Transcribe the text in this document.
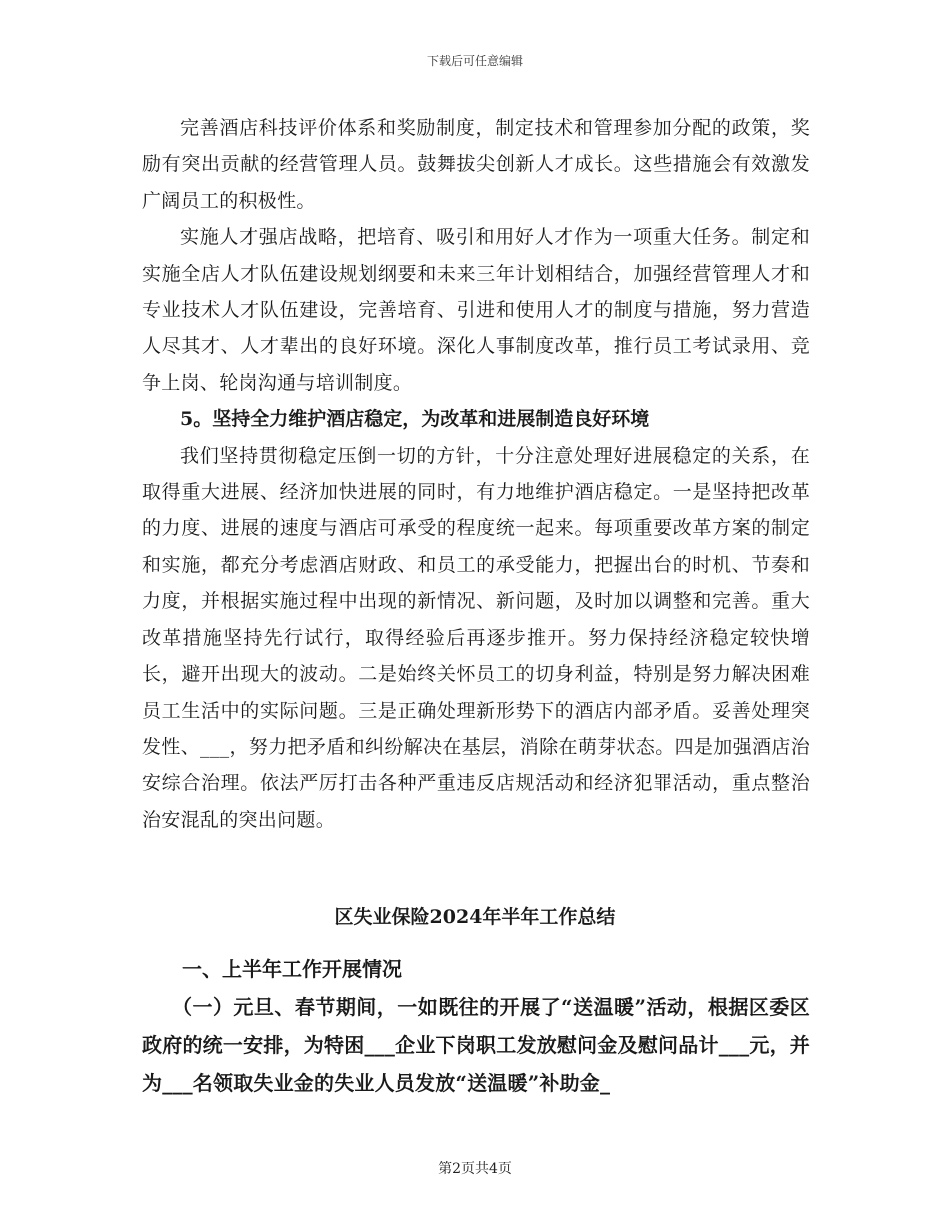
下载后可任意编辑

完善酒店科技评价体系和奖励制度，制定技术和管理参加分配的政策，奖励有突出贡献的经营管理人员。鼓舞拔尖创新人才成长。这些措施会有效激发广阔员工的积极性。

实施人才强店战略，把培育、吸引和用好人才作为一项重大任务。制定和实施全店人才队伍建设规划纲要和未来三年计划相结合，加强经营管理人才和专业技术人才队伍建设，完善培育、引进和使用人才的制度与措施，努力营造人尽其才、人才辈出的良好环境。深化人事制度改革，推行员工考试录用、竞争上岗、轮岗沟通与培训制度。

5。坚持全力维护酒店稳定，为改革和进展制造良好环境

我们坚持贯彻稳定压倒一切的方针，十分注意处理好进展稳定的关系，在取得重大进展、经济加快进展的同时，有力地维护酒店稳定。一是坚持把改革的力度、进展的速度与酒店可承受的程度统一起来。每项重要改革方案的制定和实施，都充分考虑酒店财政、和员工的承受能力，把握出台的时机、节奏和力度，并根据实施过程中出现的新情况、新问题，及时加以调整和完善。重大改革措施坚持先行试行，取得经验后再逐步推开。努力保持经济稳定较快增长，避开出现大的波动。二是始终关怀员工的切身利益，特别是努力解决困难员工生活中的实际问题。三是正确处理新形势下的酒店内部矛盾。妥善处理突发性、___，努力把矛盾和纠纷解决在基层，消除在萌芽状态。四是加强酒店治安综合治理。依法严厉打击各种严重违反店规活动和经济犯罪活动，重点整治治安混乱的突出问题。

区失业保险2024年半年工作总结

一、上半年工作开展情况

（一）元旦、春节期间，一如既往的开展了“送温暖”活动，根据区委区政府的统一安排，为特困___企业下岗职工发放慰问金及慰问品计___元，并为___名领取失业金的失业人员发放“送温暖”补助金_

第2页共4页
